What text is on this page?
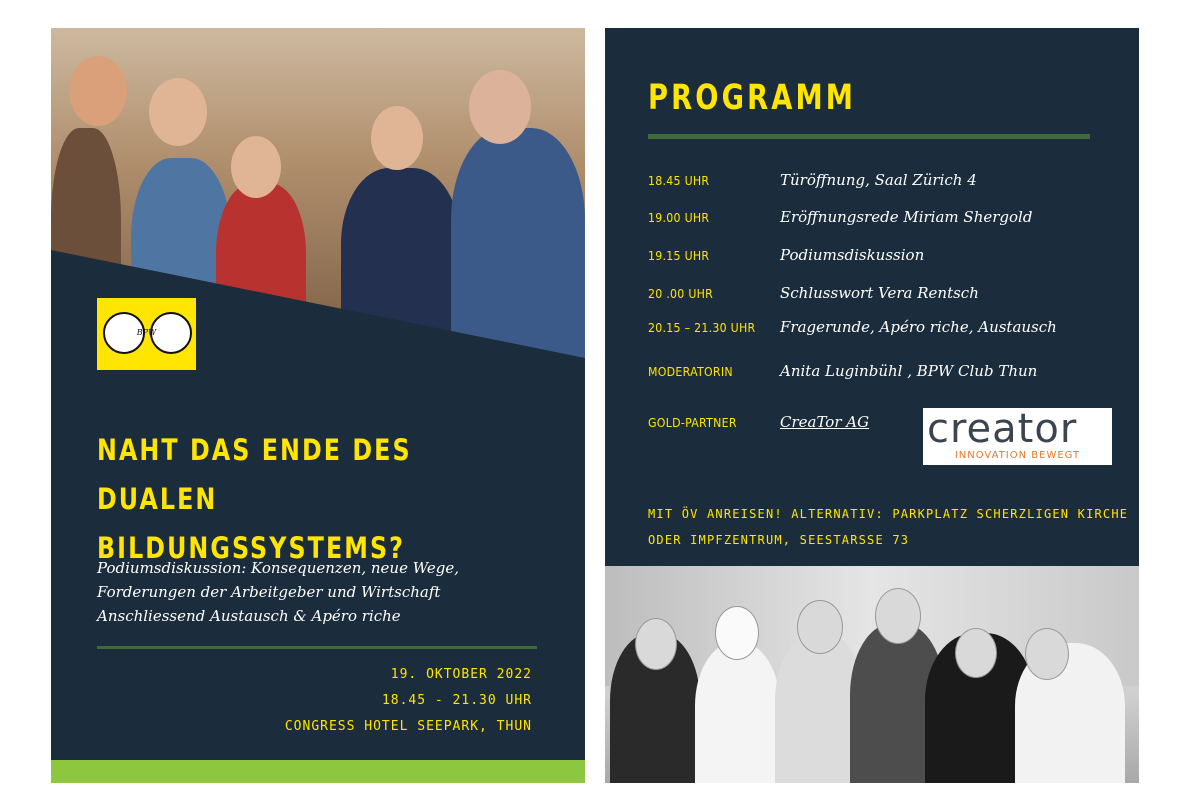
BPW
NAHT DAS ENDE DES
DUALEN BILDUNGSSYSTEMS?
Podiumsdiskussion: Konsequenzen, neue Wege,
Forderungen der Arbeitgeber und Wirtschaft
Anschliessend Austausch & Apéro riche
19. OKTOBER 2022
18.45 - 21.30 UHR
CONGRESS HOTEL SEEPARK, THUN
PROGRAMM
18.45 UHR	Türöffnung, Saal Zürich 4
19.00 UHR	Eröffnungsrede Miriam Shergold
19.15 UHR	Podiumsdiskussion
20 .00 UHR	Schlusswort Vera Rentsch
20.15 – 21.30 UHR Fragerunde, Apéro riche, Austausch
MODERATORIN	Anita Luginbühl , BPW Club Thun
GOLD-PARTNER	CreaTor AG creator
INNOVATION BEWEGT
MIT ÖV ANREISEN! ALTERNATIV: PARKPLATZ SCHERZLIGEN KIRCHE
ODER IMPFZENTRUM, SEESTARSSE 73
